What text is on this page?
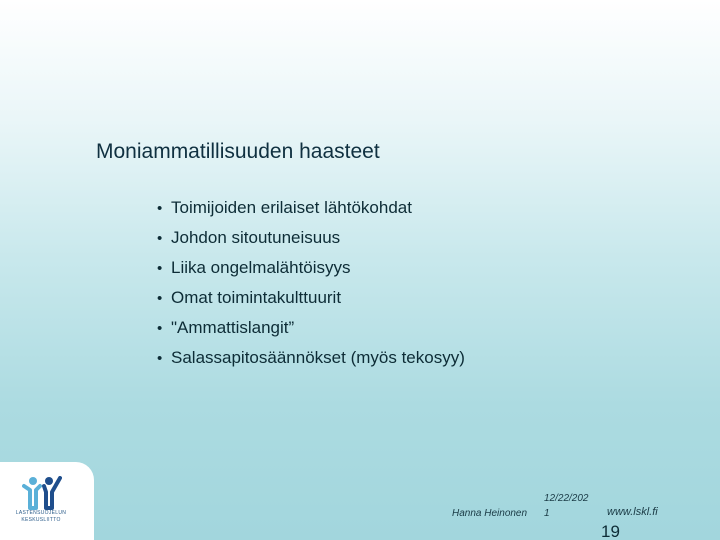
Moniammatillisuuden haasteet
• Toimijoiden erilaiset lähtökohdat
• Johdon sitoutuneisuus
• Liika ongelmalähtöisyys
• Omat toimintakulttuurit
• "Ammattislangit”
• Salassapitosäännökset (myös tekosyy)
LASTENSUOJELUN
KESKUSLIITTO
Hanna Heinonen
12/22/202
1	www.lskl.fi
19
